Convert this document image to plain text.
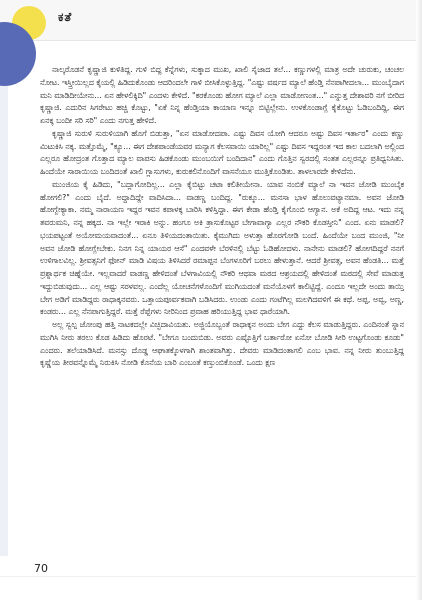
ಕತೆ

ನಾಲ್ಕರೊಡನೆ ಕೃಷ್ಣಾಜಿ ಕುಳಿತಿದ್ದ. ಗುಳಿ ಬಿದ್ದ ಕೆನ್ನೆಗಳು, ಸುಕ್ಕಾದ ಮುಖ, ಖಾಲಿ ಸೈಜಾದ ತಲೆ... ಕಣ್ಣುಗಳಲ್ಲಿ ಮಾತ್ರ ಅದೇ ಚುರುಕು, ಚಂಚಲ ನೋಟ. ಇಸ್ತ್ರೀಯಿಲ್ಲದ ಕೈಯಲ್ಲಿ ಹಿಡಿದುಕೊಂಡು ಆದರಿಂದಲೇ ಗಾಳಿ ಬೀಸಿಕೊಳ್ಳುತ್ತಿದ್ದ. "ಎಷ್ಟು ವರ್ಷದ ಮ್ಯಾಲೆ ಹೆಂಡ್ತಿ ನೆನಪಾಗೀದಲಾ... ಮುಂಬೈದಾಗ ಮನಿ ಮಾಡಿದೀಯೇನು... ಏನ ಹೇಳಲಿಕ್ಕಿದಿ" ಎಂದಳು ಕೇಳಿದೆ. "ಕರಕೊಂಡು ಹೋಗ ಮ್ಯಾಲೆ ಎಲ್ಲಾ ಮಾಡೋಣಂತ..." ಎನ್ನುತ್ತ ದೇಶಾವರಿ ನಗೆ ಬೀರಿದ ಕೃಷ್ಣಾಜಿ. ಎದುರಿನ ಸಿಗರೇಟು ಹಚ್ಚಿ ಕೊಟ್ಟು, "ಏಕೆ ನಿನ್ನ ಹೆಂಡ್ತಿಯಾ ಕಾಯಾಣ ಇನ್ನೂ ಬಿಟ್ಟಿಲ್ಲೇನು. ಉಳಕೊಂಡಾಗ್ಲೆ ಕೈಕೊಟ್ಟು ಓಡಿಬಂದಿದ್ದಿ, ಈಗ ಏನಕ್ಕ ಬಂದೀ ಸರಿ ಸರಿ" ಎಂದು ನಗುತ್ತ ಹೇಳಿದೆ.

ಕೃಷ್ಣಾಜಿ ಸುರುಳಿ ಸುರುಳಿಯಾಗಿ ಹೊಗೆ ಬಿಡುತ್ತಾ, "ಏನ ಮಾಡೋದಪಾ. ಎಷ್ಟು ದಿವಸ ಯೋಗಿ ಆದರೂ ಅಷ್ಟು ದಿವಸ ಇರ್ತಾರ" ಎಂದು ಕಣ್ಣು ಮಿಟುಕಿಸಿ ನಕ್ಕ. ಮತ್ತೊಮ್ಮೆ, "ಕ್ಯೂ... ಈಗ ದೇಶಪಾಂಡೆಯವರ ಮನ್ಯಾಗ ಕೆಲಸವಾಯಿ ಯಾರಿಲ್ಲ" ಎಷ್ಟು ದಿವಸ ಇದ್ದರಂತ ಇದ ಕಾಲ ಬದಲಾಗಿ ಅಲ್ಲಿಂದ ಎಲ್ಲರೂ ಹೋದ್ರಂತ ಗೊತ್ತಾದ ಮ್ಯಾಲ ವಾಪಸು ಹಿಡಕೊಂಡು ಮುಂಬಯಿಗೆ ಬಂದಿದಾನ" ಎಂದು ಗೊತ್ತಿನ ಸ್ವರದಲ್ಲಿ ಸಂತತ ಎಲ್ಲರನ್ನೂ ಪ್ರತಿಧ್ವನಿಸಿತು. ಹಿಂದೆಯೇ ಸಾರಾಯಿಯ ಬಂದಿದಂತೆ ಖಾಲಿ ಗ್ಲಾಸುಗಳು, ಕುರುಕಲಿನೊಂದಿಗೆ ವಾಸನೆಯೂ ಮುತ್ತಿಕೊಂಡಿತು. ತಾಳಲಾರದೇ ಕೇಳಿದೆನು.

ಮುಂಜಿಯ ಕೈ ಹಿಡಿದು, "ಬದ್ಲಾಗೋದಿಲ್ಲ... ಎಲ್ಲಾ ಕೈಬಿಟ್ಟು ಚಟಾ ಕಲಿತೀಯೇನಾ. ಯಾವ ನಂಬಿಕೆ ಮ್ಯಾಲೆ ನಾ ಇವನ ಜೋಡಿ ಮುಂಬೈಕ ಹೋಗಲಿ?" ಎಂದು ಬೈದೆ. ಅದ್ದಾದಿದ್ದೇ ವಾದಿಸಿದಾ... ವಾಡಣ್ಣ ಬಂದಿದ್ದ. "ರುಕ್ಕೂ... ಮನಸಾ ಭಾಳ ಹೊಲುವಟ್ಯಾನಮಾ. ಅವನ ಜೋಡಿ ಹೋಗ್ಬೇಕ್ಯಾಕಾ. ನಮ್ಮ ನಾರಾಯಣ ಇದ್ದರ ಇವನ ಕಪಾಳಕ್ಕ ಬಾರಿಸಿ ಕಳಿಸ್ತಿದ್ದಾ. ಈಗ ಕೇಡಾ ಹೆಂಡ್ತಿ ಕೈಗೊಂಬಿ ಆಗ್ಯಾನ. ಅಕೆ ಅದಿದ್ದ ಆಟ. ಇದು ನನ್ನ ತವರುಮನಿ, ನನ್ನ ಹಕ್ಕದ. ನಾ ಇಲ್ಲೇ ಇರಾಕಿ ಅನ್ನು. ಹಂಗೂ ಅಕಿ ತ್ರಾಸುಕೊಟ್ಟರ ಬೇಗಾವಾಗ್ಯಾ ಎಲ್ಲರ ನೌಕರಿ ಕೊಡಸ್ತೀನಿ" ಎಂದ. ಏನು ಮಾಡಲಿ? ಭಯಪಟ್ಟಂತೆ ಅಯೋಮಯವಾದಂತೆ... ಏನೂ ತಿಳಿಯದಂತಾಯಿತು. ಕೈಮುಗಿದು ಅಳುತ್ತಾ ಹೊರಗೋಡಿ ಬಂದೆ. ಹಿಂದೆಯೇ ಬಂದ ಮುಂಜಿ, "ನೀ ಅವನ ಜೋಡಿ ಹೋಗ್ಲೇಬೇಕು. ನಿನಗ ನಿನ್ನ ಯಾಯರ ಆಸೆ" ಎಂದವಳೇ ಬೆರಳಿನಲ್ಲಿ ಬೆಟ್ಟು ಓಡಿಹೋದಳು. ನಾನೇನು ಮಾಡಲಿ? ಹೋಗದಿದ್ದರೆ ನನಗೆ ಉಳಿಗಾಲವಿಲ್ಲ. ಶ್ರೀವತ್ಸನಿಗೆ ಫೋನ್ ಮಾಡಿ ವಿಷಯ ತಿಳಿಸಿದರೆ ರಮಾಪ್ಪನ ಬೆಂಗಳೂರಿಗೆ ಬರಲು ಹೇಳುತ್ತಾನೆ. ಆದರೆ ಶ್ರೀವತ್ಸ, ಅವನ ಹೆಂಡತಿ... ಮತ್ತೆ ಪ್ರಶ್ನಾರ್ಥಕ ಚಿಹ್ನೆಯೇ. ಇಲ್ಲವಾದರೆ ವಾಡಣ್ಣ ಹೇಳಿದಂತೆ ಬೆಳಗಾವಿಯಲ್ಲಿ ನೌಕರಿ ಆಥವಾ ಮಠದ ಆಶ್ರಯದಲ್ಲಿ ಹೇಳಿದಂತೆ ಮಠದಲ್ಲಿ ಸೇವೆ ಮಾಡುತ್ತ ಇದ್ದುಬಿಡುವುದು... ಎಲ್ಲ ಆಷ್ಟು ಸರಳವಲ್ಲ. ಎಂದೆಲ್ಲ ಯೋಚನೆಗಳೊಂದಿಗೆ ಮುಗಿಯದಂತೆ ಮನೆಯೊಳಗೆ ಕಾಲಿಟ್ಟಿದ್ದೆ. ಎಂದೂ ಇಲ್ಲದೇ ಅಂದು ತಾಯ್ತಿ ಬೇಗ ಅಡಿಗೆ ಮಾಡಿದ್ದರು ರಾಧಾಕ್ಕನವರು. ಒತ್ತಾಯಪೂರ್ವಕವಾಗಿ ಬಡಿಸಿದರು. ಉಂಡು ಎಂದು ಗಂಟೆಗಿಲ್ಲ ಮಲಗಿದವಳಿಗೆ ಈ ಕಥೆ. ಅಪ್ಪ, ಅವ್ವ, ಅಣ್ಣ, ಕಂಡರು... ಎಲ್ಲ ನೆನಪಾಗುತ್ತಿದ್ದರೆ. ಮತ್ತೆ ರೆಪ್ಪೆಗಳು ನೀರಿನಿಂದ ಪ್ರವಾಹ ಹರಿಯುತ್ತಿದ್ದ ಭಾವ ಧಾರೆಯಾಗಿ.

ಅಲ್ಲ ಸ್ವಲ್ಪ ಜೋಂಪು ಹತ್ತಿ ನಾಟಕದಲ್ಲೇ ವಿಚ್ಛಿದಾವಿಯತು. ಅಜ್ಜಿಯೊಬ್ಬಂತೆ ರಾಧಾಕ್ಕನ ಅಂದು ಬೇಗ ಎದ್ದು ಕೆಲಸ ಮಾಡುತ್ತಿದ್ದರು. ಎಂದಿನಂತೆ ಸ್ನಾನ ಮುಗಿಸಿ ನೀರು ತರಲು ಕೊಡ ಹಿಡಿದು ಹೊರಟೆ. "ಬೇಗೂ ಬಂದುಬಿಡು. ಅವರು ಎಷ್ಟೊತ್ತಿಗೆ ಬರ್ತಾರೋ ಏನೋ ಬೋಡಿ ಸೀರಿ ಉಟ್ಟಗೊಂಡು ಕೂಡು" ಎಂದರು. ತಲೆಯಾಡಿಸಿದೆ. ಮನಸ್ಸು ದೊಡ್ಡ ಆಘಾತಕ್ಕೊಳಗಾಗಿ ಶಾಂತವಾಗಿತ್ತು. ದೇವರು ಮಾಡಿದಂತಾಗಲಿ ಎಂಬ ಭಾವ. ನನ್ನ ನೀರು ತುಂಬುತ್ತಿದ್ದ ಕೃಷ್ಣೆಯ ತೀರವನ್ನೊಮ್ಮೆ ನಿರುಕಿಸಿ ನೋಡಿ ಕೊನೆಯ ಬಾರಿ ಎಂಬಂತೆ ಕಣ್ತುಂಬಿಕೊಂಡೆ. ಒಂದು ಕ್ಷಣ

70
